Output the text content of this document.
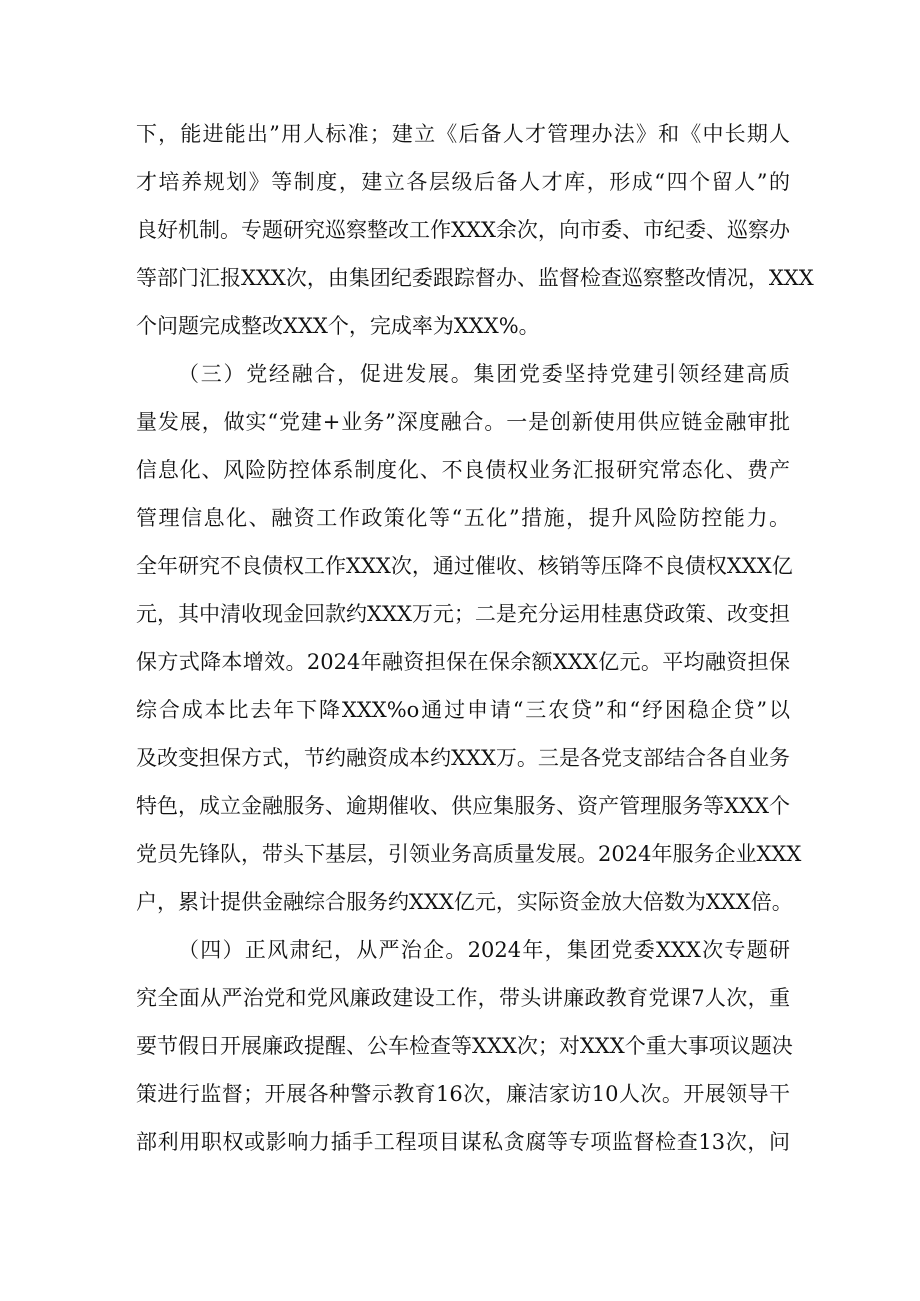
下，能进能出”用人标准；建立《后备人才管理办法》和《中长期人
才培养规划》等制度，建立各层级后备人才库，形成“四个留人”的
良好机制。专题研究巡察整改工作XXX余次，向市委、市纪委、巡察办
等部门汇报XXX次，由集团纪委跟踪督办、监督检查巡察整改情况，XXX
个问题完成整改XXX个，完成率为XXX%。
（三）党经融合，促进发展。集团党委坚持党建引领经建高质
量发展，做实“党建+业务”深度融合。一是创新使用供应链金融审批
信息化、风险防控体系制度化、不良债权业务汇报研究常态化、费产
管理信息化、融资工作政策化等“五化”措施，提升风险防控能力。
全年研究不良债权工作XXX次，通过催收、核销等压降不良债权XXX亿
元，其中清收现金回款约XXX万元；二是充分运用桂惠贷政策、改变担
保方式降本增效。2024年融资担保在保余额XXX亿元。平均融资担保
综合成本比去年下降XXX%o通过申请“三农贷”和“纾困稳企贷”以
及改变担保方式，节约融资成本约XXX万。三是各党支部结合各自业务
特色，成立金融服务、逾期催收、供应集服务、资产管理服务等XXX个
党员先锋队，带头下基层，引领业务高质量发展。2024年服务企业XXX
户，累计提供金融综合服务约XXX亿元，实际资金放大倍数为XXX倍。
（四）正风肃纪，从严治企。2024年，集团党委XXX次专题研
究全面从严治党和党风廉政建设工作，带头讲廉政教育党课7人次，重
要节假日开展廉政提醒、公车检查等XXX次；对XXX个重大事项议题决
策进行监督；开展各种警示教育16次，廉洁家访10人次。开展领导干
部利用职权或影响力插手工程项目谋私贪腐等专项监督检查13次，问
